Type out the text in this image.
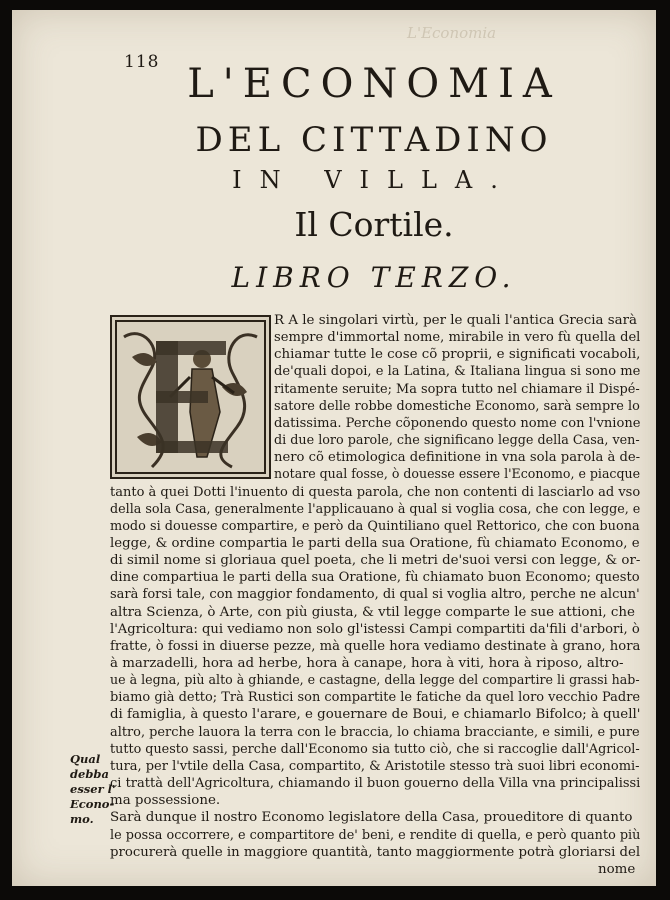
L'Economia
118 L'ECONOMIA
DEL CITTADINO
IN VILLA.
Il Cortile.
LIBRO TERZO.
R A le singolari virtù, per le quali l'antica Grecia sarà
sempre d'immortal nome, mirabile in vero fù quella del
chiamar tutte le cose cõ proprii, e significati vocaboli,
de'quali dopoi, e la Latina, & Italiana lingua si sono me
ritamente seruite; Ma sopra tutto nel chiamare il Dispé-
satore delle robbe domestiche Economo, sarà sempre lo
datissima. Perche cõponendo questo nome con l'vnione
di due loro parole, che significano legge della Casa, ven-
nero cõ etimologica definitione in vna sola parola à de-
notare qual fosse, ò douesse essere l'Economo, e piacque
tanto à quei Dotti l'inuento di questa parola, che non contenti di lasciarlo ad vso
della sola Casa, generalmente l'applicauano à qual si voglia cosa, che con legge, e
modo si douesse compartire, e però da Quintiliano quel Rettorico, che con buona
legge, & ordine compartia le parti della sua Oratione, fù chiamato Economo, e
di simil nome si gloriaua quel poeta, che li metri de'suoi versi con legge, & or-
dine compartiua le parti della sua Oratione, fù chiamato buon Economo; questo
sarà forsi tale, con maggior fondamento, di qual si voglia altro, perche ne alcun'
altra Scienza, ò Arte, con più giusta, & vtil legge comparte le sue attioni, che
l'Agricoltura: qui vediamo non solo gl'istessi Campi compartiti da'fili d'arbori, ò
fratte, ò fossi in diuerse pezze, mà quelle hora vediamo destinate à grano, hora
à marzadelli, hora ad herbe, hora à canape, hora à viti, hora à riposo, altro-
ue à legna, più alto à ghiande, e castagne, della legge del compartire li grassi hab-
biamo già detto; Trà Rustici son compartite le fatiche da quel loro vecchio Padre
di famiglia, à questo l'arare, e gouernare de Boui, e chiamarlo Bifolco; à quell'
altro, perche lauora la terra con le braccia, lo chiama bracciante, e simili, e pure
tutto questo sassi, perche dall'Economo sia tutto ciò, che si raccoglie dall'Agricol-
tura, per l'vtile della Casa, compartito, & Aristotile stesso trà suoi libri economi-
ci trattà dell'Agricoltura, chiamando il buon gouerno della Villa vna principalissi
ma possessione.
Sarà dunque il nostro Economo legislatore della Casa, proueditore di quanto
le possa occorrere, e compartitore de' beni, e rendite di quella, e però quanto più
procurerà quelle in maggiore quantità, tanto maggiormente potrà gloriarsi del
nome
Qual
debba
esser l'
Econo-
mo.
